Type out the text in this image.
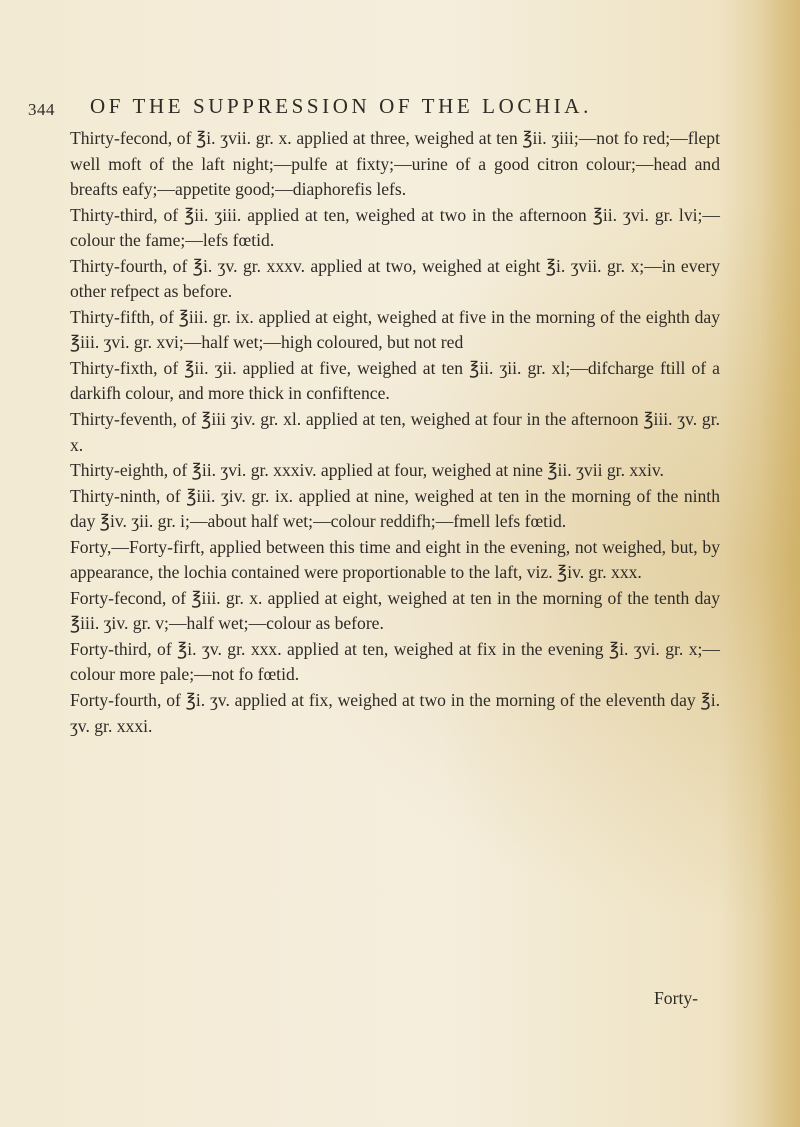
344 OF THE SUPPRESSION OF THE LOCHIA.

Thirty-fecond, of ℥i. ʒvii. gr. x. applied at three, weighed at ten ℥ii. ʒiii;—not fo red;—flept well moft of the laft night;—pulfe at fixty;—urine of a good citron colour;—head and breafts eafy;—appetite good;—diaphorefis lefs.

Thirty-third, of ℥ii. ʒiii. applied at ten, weighed at two in the afternoon ℥ii. ʒvi. gr. lvi;—colour the fame;—lefs fœtid.

Thirty-fourth, of ℥i. ʒv. gr. xxxv. applied at two, weighed at eight ℥i. ʒvii. gr. x;—in every other refpect as before.

Thirty-fifth, of ℥iii. gr. ix. applied at eight, weighed at five in the morning of the eighth day ℥iii. ʒvi. gr. xvi;—half wet;—high coloured, but not red

Thirty-fixth, of ℥ii. ʒii. applied at five, weighed at ten ℥ii. ʒii. gr. xl;—difcharge ftill of a darkifh colour, and more thick in confiftence.

Thirty-feventh, of ℥iii ʒiv. gr. xl. applied at ten, weighed at four in the afternoon ℥iii. ʒv. gr. x.

Thirty-eighth, of ℥ii. ʒvi. gr. xxxiv. applied at four, weighed at nine ℥ii. ʒvii gr. xxiv.

Thirty-ninth, of ℥iii. ʒiv. gr. ix. applied at nine, weighed at ten in the morning of the ninth day ℥iv. ʒii. gr. i;—about half wet;—colour reddifh;—fmell lefs fœtid.

Forty,—Forty-firft, applied between this time and eight in the evening, not weighed, but, by appearance, the lochia contained were proportionable to the laft, viz. ℥iv. gr. xxx.

Forty-fecond, of ℥iii. gr. x. applied at eight, weighed at ten in the morning of the tenth day ℥iii. ʒiv. gr. v;—half wet;—colour as before.

Forty-third, of ℥i. ʒv. gr. xxx. applied at ten, weighed at fix in the evening ℥i. ʒvi. gr. x;—colour more pale;—not fo fœtid.

Forty-fourth, of ℥i. ʒv. applied at fix, weighed at two in the morning of the eleventh day ℥i. ʒv. gr. xxxi.

Forty-
